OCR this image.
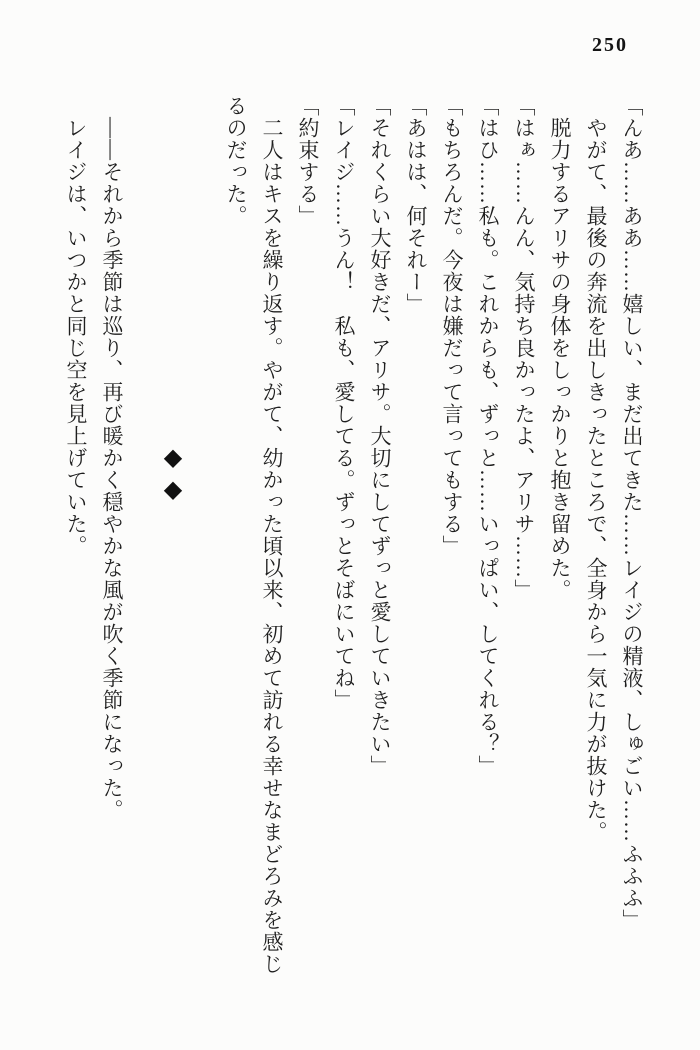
250

「んあ……ああ……嬉しい、まだ出てきた……レイジの精液、しゅごい……ふふふ」

　やがて、最後の奔流を出しきったところで、全身から一気に力が抜けた。

　脱力するアリサの身体をしっかりと抱き留めた。

「はぁ……んん、気持ち良かったよ、アリサ……」

「はひ……私も。これからも、ずっと……いっぱい、してくれる？」

「もちろんだ。今夜は嫌だって言ってもする」

「あはは、何それー」

「それくらい大好きだ、アリサ。大切にしてずっと愛していきたい」

「レイジ……うん！　私も、愛してる。ずっとそばにいてね」

「約束する」

　二人はキスを繰り返す。やがて、幼かった頃以来、初めて訪れる幸せなまどろみを感じるのだった。

◆◆

　――それから季節は巡り、再び暖かく穏やかな風が吹く季節になった。

　レイジは、いつかと同じ空を見上げていた。
